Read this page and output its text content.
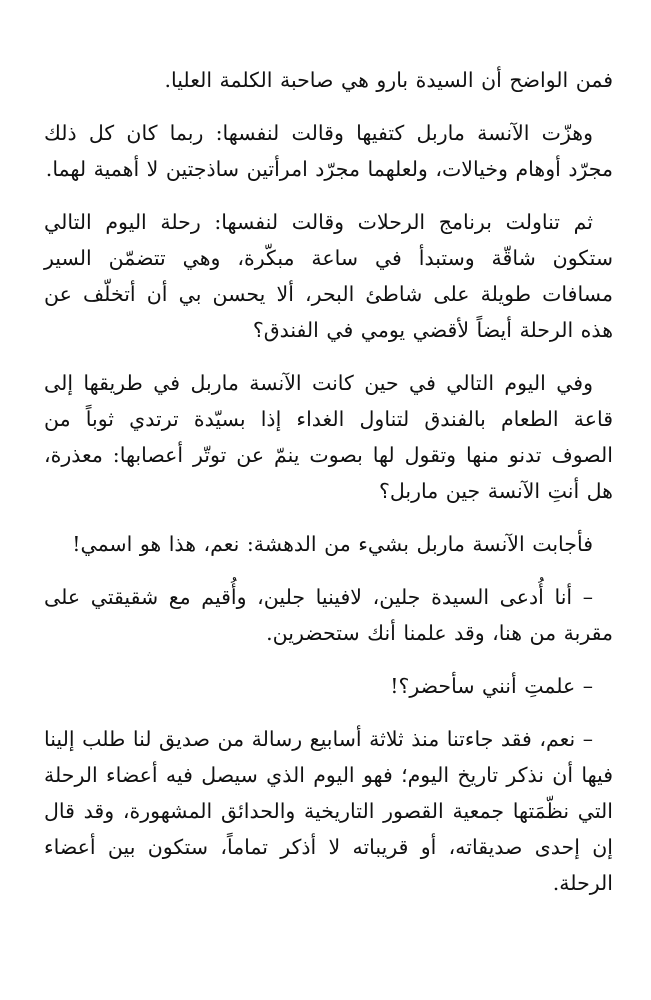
فمن الواضح أن السيدة بارو هي صاحبة الكلمة العليا.

وهزّت الآنسة ماربل كتفيها وقالت لنفسها: ربما كان كل ذلك مجرّد أوهام وخيالات، ولعلهما مجرّد امرأتين ساذجتين لا أهمية لهما.

ثم تناولت برنامج الرحلات وقالت لنفسها: رحلة اليوم التالي ستكون شاقّة وستبدأ في ساعة مبكّرة، وهي تتضمّن السير مسافات طويلة على شاطئ البحر، ألا يحسن بي أن أتخلّف عن هذه الرحلة أيضاً لأقضي يومي في الفندق؟

وفي اليوم التالي في حين كانت الآنسة ماربل في طريقها إلى قاعة الطعام بالفندق لتناول الغداء إذا بسيّدة ترتدي ثوباً من الصوف تدنو منها وتقول لها بصوت ينمّ عن توتّر أعصابها: معذرة، هل أنتِ الآنسة جين ماربل؟

فأجابت الآنسة ماربل بشيء من الدهشة: نعم، هذا هو اسمي!

– أنا أُدعى السيدة جلين، لافينيا جلين، وأُقيم مع شقيقتي على مقربة من هنا، وقد علمنا أنك ستحضرين.

– علمتِ أنني سأحضر؟!

– نعم، فقد جاءتنا منذ ثلاثة أسابيع رسالة من صديق لنا طلب إلينا فيها أن نذكر تاريخ اليوم؛ فهو اليوم الذي سيصل فيه أعضاء الرحلة التي نظّمَتها جمعية القصور التاريخية والحدائق المشهورة، وقد قال إن إحدى صديقاته، أو قريباته لا أذكر تماماً، ستكون بين أعضاء الرحلة.
